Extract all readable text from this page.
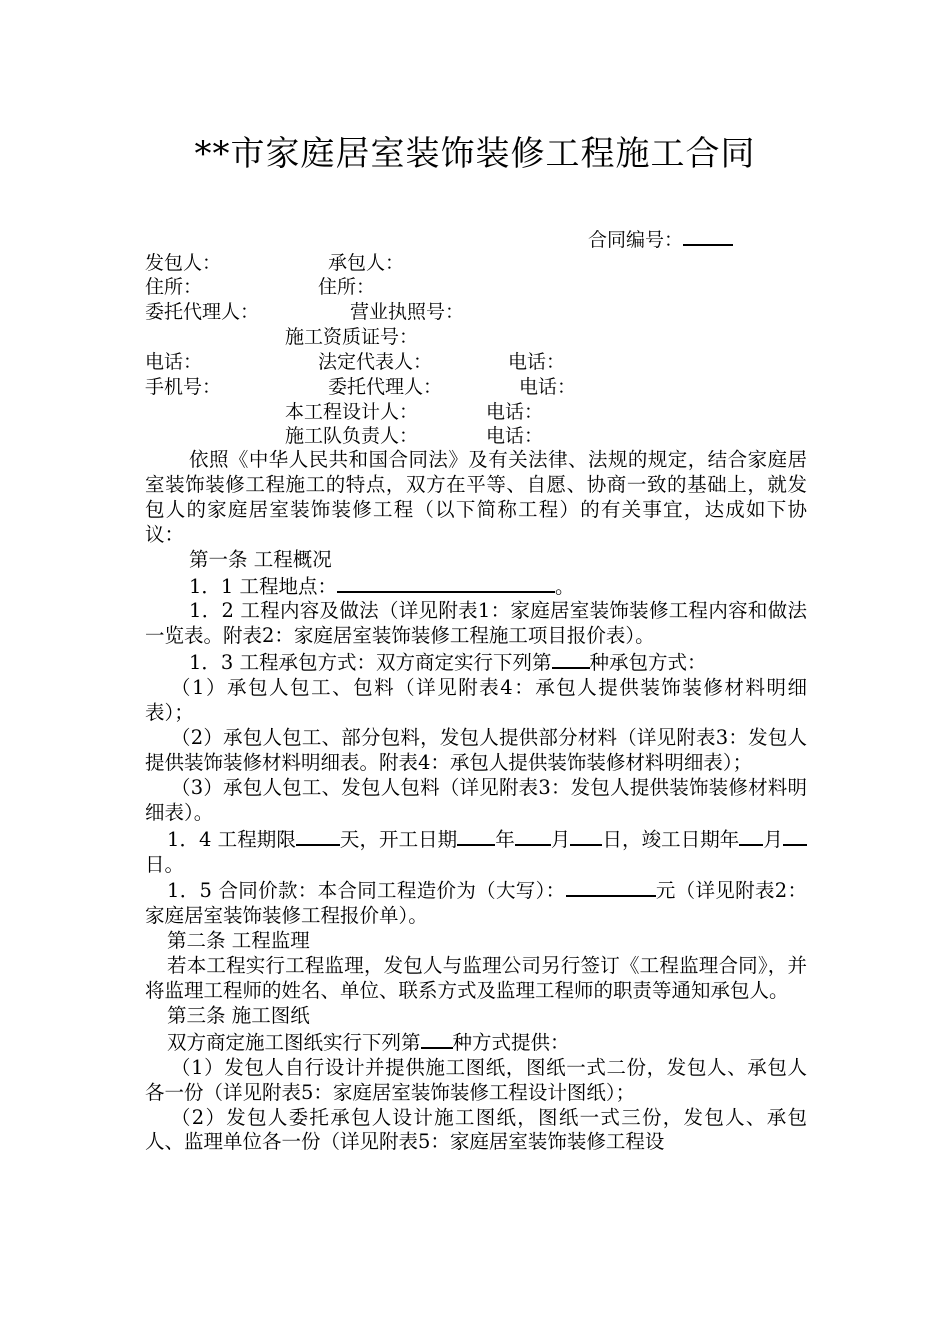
**市家庭居室装饰装修工程施工合同
合同编号：
发包人：	承包人：
住所：	住所：
委托代理人：	营业执照号：
施工资质证号：
电话：	法定代表人：	电话：
手机号：	委托代理人：	电话：
本工程设计人：	电话：
施工队负责人：	电话：

依照《中华人民共和国合同法》及有关法律、法规的规定，结合家庭居室装饰装修工程施工的特点，双方在平等、自愿、协商一致的基础上，就发包人的家庭居室装饰装修工程（以下简称工程）的有关事宜，达成如下协议：

第一条 工程概况

1．1 工程地点：	。

1．2 工程内容及做法（详见附表1：家庭居室装饰装修工程内容和做法一览表。附表2：家庭居室装饰装修工程施工项目报价表）。

1．3 工程承包方式：双方商定实行下列第 种承包方式：

（1）承包人包工、包料（详见附表4：承包人提供装饰装修材料明细表）；

（2）承包人包工、部分包料，发包人提供部分材料（详见附表3：发包人提供装饰装修材料明细表。附表4：承包人提供装饰装修材料明细表）；

（3）承包人包工、发包人包料（详见附表3：发包人提供装饰装修材料明细表）。

1．4 工程期限 天，开工日期 年 月 日，竣工日期年 月日。

1．5 合同价款：本合同工程造价为（大写）：	元（详见附表2：家庭居室装饰装修工程报价单）。

第二条 工程监理

若本工程实行工程监理，发包人与监理公司另行签订《工程监理合同》，并将监理工程师的姓名、单位、联系方式及监理工程师的职责等通知承包人。

第三条 施工图纸

双方商定施工图纸实行下列第 种方式提供：

（1）发包人自行设计并提供施工图纸，图纸一式二份，发包人、承包人各一份（详见附表5：家庭居室装饰装修工程设计图纸）；

（2）发包人委托承包人设计施工图纸，图纸一式三份，发包人、承包人、监理单位各一份（详见附表5：家庭居室装饰装修工程设
